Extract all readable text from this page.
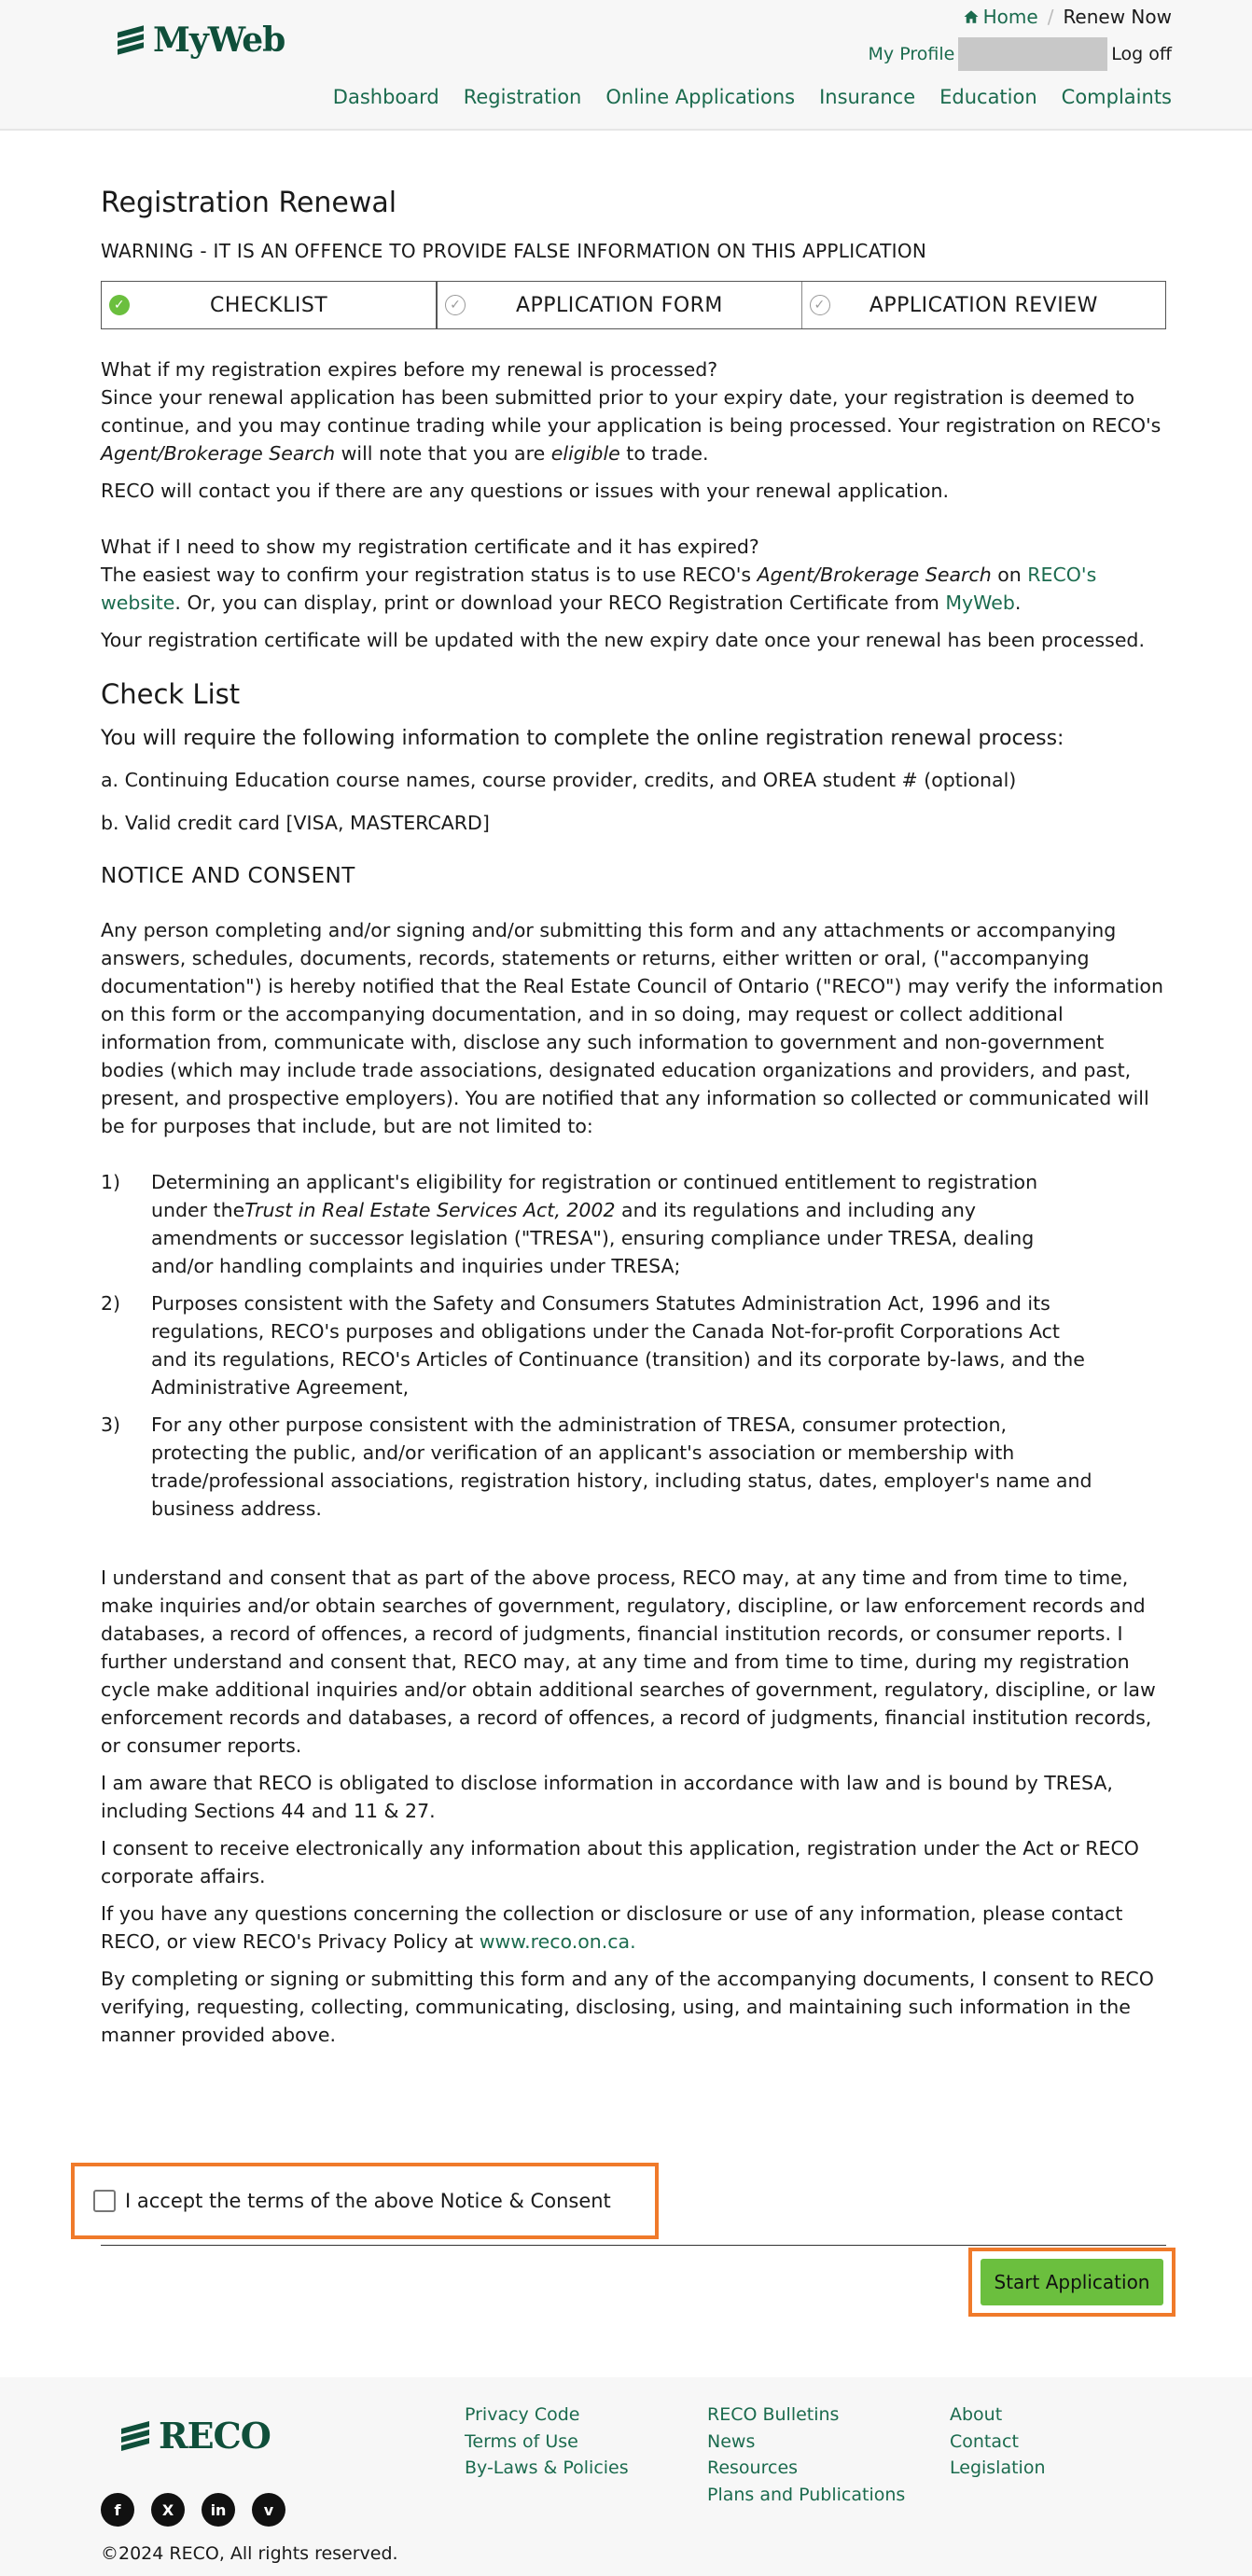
MyWeb
Home / Renew Now
My Profile	Log off
Dashboard Registration Online Applications Insurance Education Complaints
Registration Renewal
WARNING - IT IS AN OFFENCE TO PROVIDE FALSE INFORMATION ON THIS APPLICATION
✓	CHECKLIST	✓	APPLICATION FORM	✓ APPLICATION REVIEW
What if my registration expires before my renewal is processed?
Since your renewal application has been submitted prior to your expiry date, your registration is deemed to continue, and you may continue trading while your application is being processed. Your registration on RECO's Agent/Brokerage Search will note that you are eligible to trade.
RECO will contact you if there are any questions or issues with your renewal application.
What if I need to show my registration certificate and it has expired?
The easiest way to confirm your registration status is to use RECO's Agent/Brokerage Search on RECO's website. Or, you can display, print or download your RECO Registration Certificate from MyWeb.
Your registration certificate will be updated with the new expiry date once your renewal has been processed.
Check List
You will require the following information to complete the online registration renewal process:
a. Continuing Education course names, course provider, credits, and OREA student # (optional)
b. Valid credit card [VISA, MASTERCARD]
NOTICE AND CONSENT
Any person completing and/or signing and/or submitting this form and any attachments or accompanying answers, schedules, documents, records, statements or returns, either written or oral, ("accompanying documentation") is hereby notified that the Real Estate Council of Ontario ("RECO") may verify the information on this form or the accompanying documentation, and in so doing, may request or collect additional information from, communicate with, disclose any such information to government and non-government bodies (which may include trade associations, designated education organizations and providers, and past, present, and prospective employers). You are notified that any information so collected or communicated will be for purposes that include, but are not limited to:
1)	Determining an applicant's eligibility for registration or continued entitlement to registration under theTrust in Real Estate Services Act, 2002 and its regulations and including any amendments or successor legislation ("TRESA"), ensuring compliance under TRESA, dealing and/or handling complaints and inquiries under TRESA;
2)	Purposes consistent with the Safety and Consumers Statutes Administration Act, 1996 and its regulations, RECO's purposes and obligations under the Canada Not-for-profit Corporations Act and its regulations, RECO's Articles of Continuance (transition) and its corporate by-laws, and the Administrative Agreement,
3)	For any other purpose consistent with the administration of TRESA, consumer protection, protecting the public, and/or verification of an applicant's association or membership with trade/professional associations, registration history, including status, dates, employer's name and business address.
I understand and consent that as part of the above process, RECO may, at any time and from time to time, make inquiries and/or obtain searches of government, regulatory, discipline, or law enforcement records and databases, a record of offences, a record of judgments, financial institution records, or consumer reports. I further understand and consent that, RECO may, at any time and from time to time, during my registration cycle make additional inquiries and/or obtain additional searches of government, regulatory, discipline, or law enforcement records and databases, a record of offences, a record of judgments, financial institution records, or consumer reports.
I am aware that RECO is obligated to disclose information in accordance with law and is bound by TRESA, including Sections 44 and 11 & 27.
I consent to receive electronically any information about this application, registration under the Act or RECO corporate affairs.
If you have any questions concerning the collection or disclosure or use of any information, please contact RECO, or view RECO's Privacy Policy at www.reco.on.ca.
By completing or signing or submitting this form and any of the accompanying documents, I consent to RECO verifying, requesting, collecting, communicating, disclosing, using, and maintaining such information in the manner provided above.
I accept the terms of the above Notice & Consent
Start Application
RECO
f	X	in	v
©2024 RECO, All rights reserved.
Privacy Code
Terms of Use
By-Laws & Policies
RECO Bulletins
News
Resources
Plans and Publications
About
Contact
Legislation
